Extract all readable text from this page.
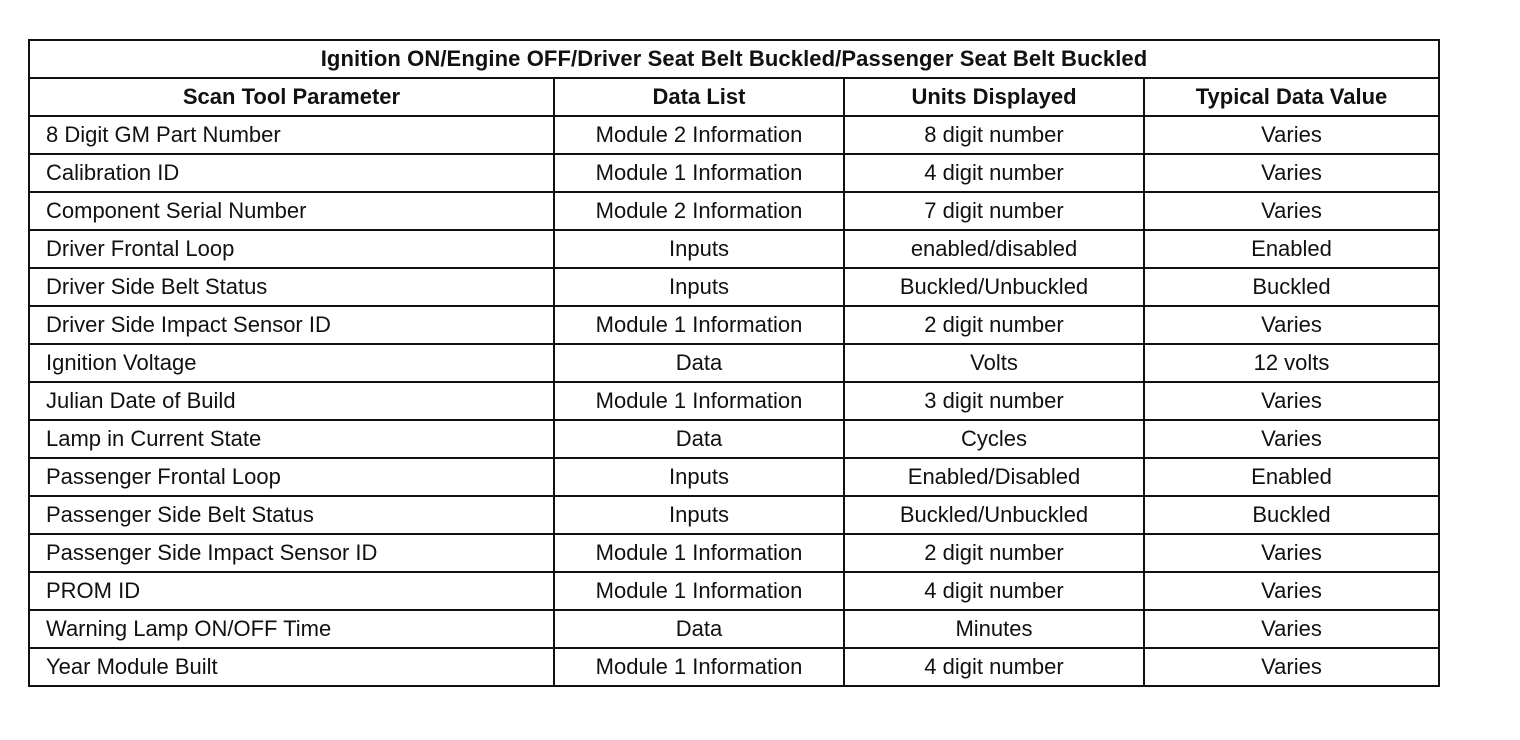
Ignition ON/Engine OFF/Driver Seat Belt Buckled/Passenger Seat Belt Buckled			
Scan Tool Parameter	Data List	Units Displayed	Typical Data Value
8 Digit GM Part Number	Module 2 Information	8 digit number	Varies
Calibration ID	Module 1 Information	4 digit number	Varies
Component Serial Number	Module 2 Information	7 digit number	Varies
Driver Frontal Loop	Inputs	enabled/disabled	Enabled
Driver Side Belt Status	Inputs	Buckled/Unbuckled	Buckled
Driver Side Impact Sensor ID	Module 1 Information	2 digit number	Varies
Ignition Voltage	Data	Volts	12 volts
Julian Date of Build	Module 1 Information	3 digit number	Varies
Lamp in Current State	Data	Cycles	Varies
Passenger Frontal Loop	Inputs	Enabled/Disabled	Enabled
Passenger Side Belt Status	Inputs	Buckled/Unbuckled	Buckled
Passenger Side Impact Sensor ID	Module 1 Information	2 digit number	Varies
PROM ID	Module 1 Information	4 digit number	Varies
Warning Lamp ON/OFF Time	Data	Minutes	Varies
Year Module Built	Module 1 Information	4 digit number	Varies
